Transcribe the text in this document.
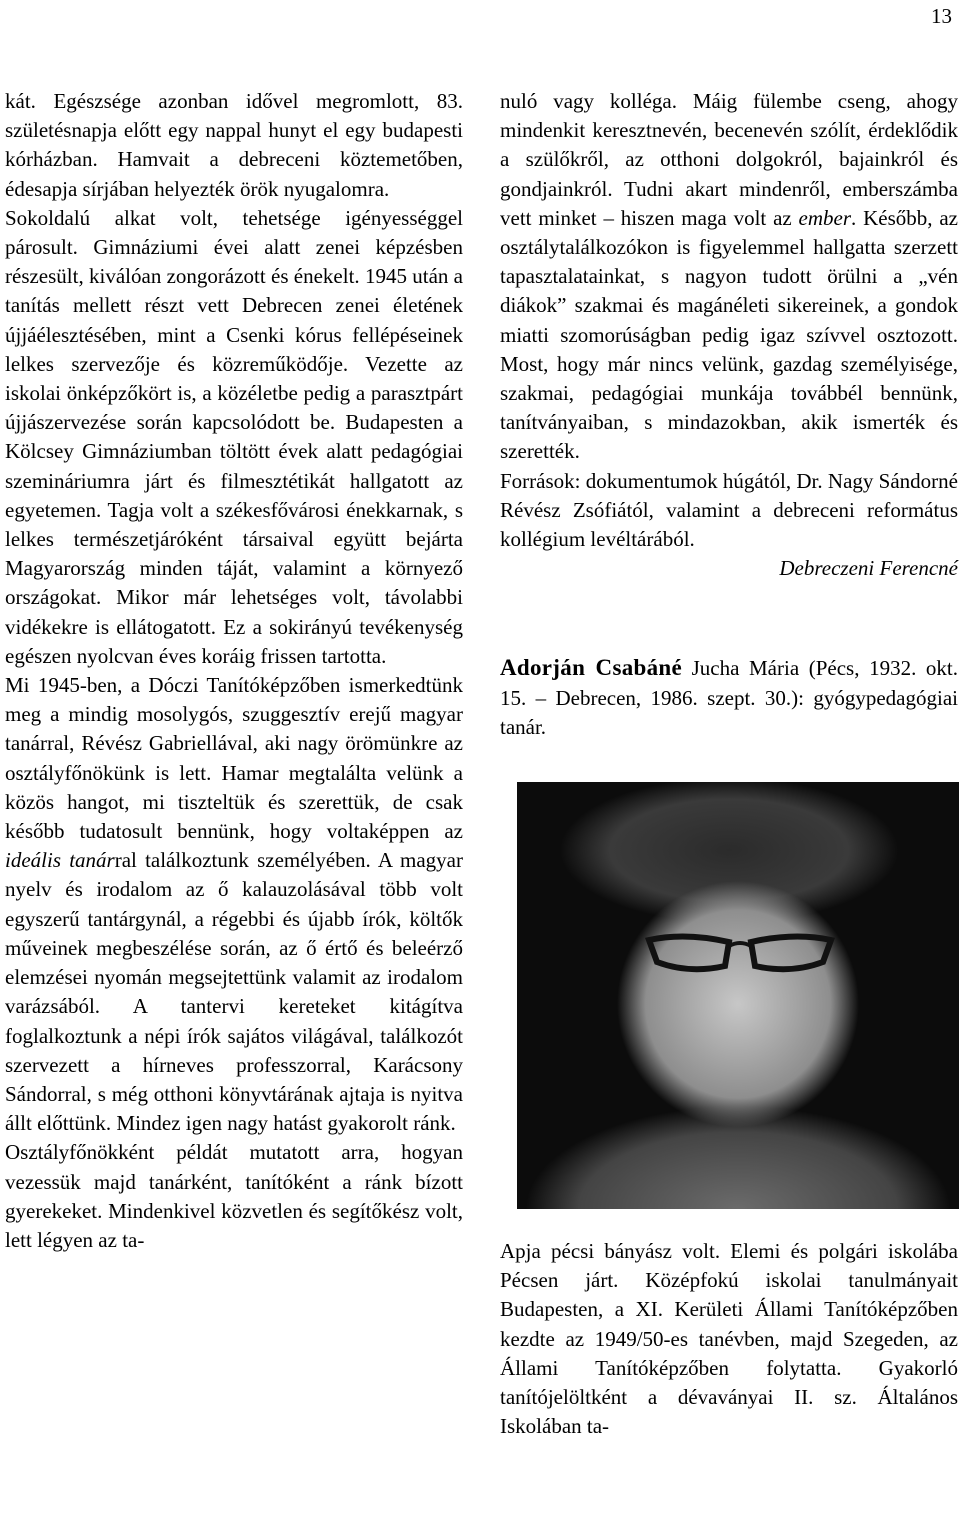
13

kát. Egészsége azonban idővel megromlott, 83. születésnapja előtt egy nappal hunyt el egy budapesti kórházban. Hamvait a debreceni köztemetőben, édesapja sírjában helyezték örök nyugalomra.

Sokoldalú alkat volt, tehetsége igényességgel párosult. Gimnáziumi évei alatt zenei képzésben részesült, kiválóan zongorázott és énekelt. 1945 után a tanítás mellett részt vett Debrecen zenei életének újjáélesztésében, mint a Csenki kórus fellépéseinek lelkes szervezője és közreműködője. Vezette az iskolai önképzőkört is, a közéletbe pedig a parasztpárt újjászervezése során kapcsolódott be. Budapesten a Kölcsey Gimnáziumban töltött évek alatt pedagógiai szemináriumra járt és filmesztétikát hallgatott az egyetemen. Tagja volt a székesfővárosi énekkarnak, s lelkes természetjáróként társaival együtt bejárta Magyarország minden táját, valamint a környező országokat. Mikor már lehetséges volt, távolabbi vidékekre is ellátogatott. Ez a sokirányú tevékenység egészen nyolcvan éves koráig frissen tartotta.

Mi 1945-ben, a Dóczi Tanítóképzőben ismerkedtünk meg a mindig mosolygós, szuggesztív erejű magyar tanárral, Révész Gabriellával, aki nagy örömünkre az osztályfőnökünk is lett. Hamar megtalálta velünk a közös hangot, mi tiszteltük és szerettük, de csak később tudatosult bennünk, hogy voltaképpen az ideális tanárral találkoztunk személyében. A magyar nyelv és irodalom az ő kalauzolásával több volt egyszerű tantárgynál, a régebbi és újabb írók, költők műveinek megbeszélése során, az ő értő és beleérző elemzései nyomán megsejtettünk valamit az irodalom varázsából. A tantervi kereteket kitágítva foglalkoztunk a népi írók sajátos világával, találkozót szervezett a hírneves professzorral, Karácsony Sándorral, s még otthoni könyvtárának ajtaja is nyitva állt előttünk. Mindez igen nagy hatást gyakorolt ránk.

Osztályfőnökként példát mutatott arra, hogyan vezessük majd tanárként, tanítóként a ránk bízott gyerekeket. Mindenkivel közvetlen és segítőkész volt, lett légyen az ta-

nuló vagy kolléga. Máig fülembe cseng, ahogy mindenkit keresztnevén, becenevén szólít, érdeklődik a szülőkről, az otthoni dolgokról, bajainkról és gondjainkról. Tudni akart mindenről, emberszámba vett minket – hiszen maga volt az ember. Később, az osztálytalálkozókon is figyelemmel hallgatta szerzett tapasztalatainkat, s nagyon tudott örülni a „vén diákok” szakmai és magánéleti sikereinek, a gondok miatti szomorúságban pedig igaz szívvel osztozott. Most, hogy már nincs velünk, gazdag személyisége, szakmai, pedagógiai munkája továbbél bennünk, tanítványaiban, s mindazokban, akik ismerték és szerették.

Források: dokumentumok húgától, Dr. Nagy Sándorné Révész Zsófiától, valamint a debreceni református kollégium levéltárából.

Debreczeni Ferencné

Adorján Csabáné Jucha Mária (Pécs, 1932. okt. 15. – Debrecen, 1986. szept. 30.): gyógypedagógiai tanár.

Apja pécsi bányász volt. Elemi és polgári iskolába Pécsen járt. Középfokú iskolai tanulmányait Budapesten, a XI. Kerületi Állami Tanítóképzőben kezdte az 1949/50-es tanévben, majd Szegeden, az Állami Tanítóképzőben folytatta. Gyakorló tanítójelöltként a dévaványai II. sz. Általános Iskolában ta-
